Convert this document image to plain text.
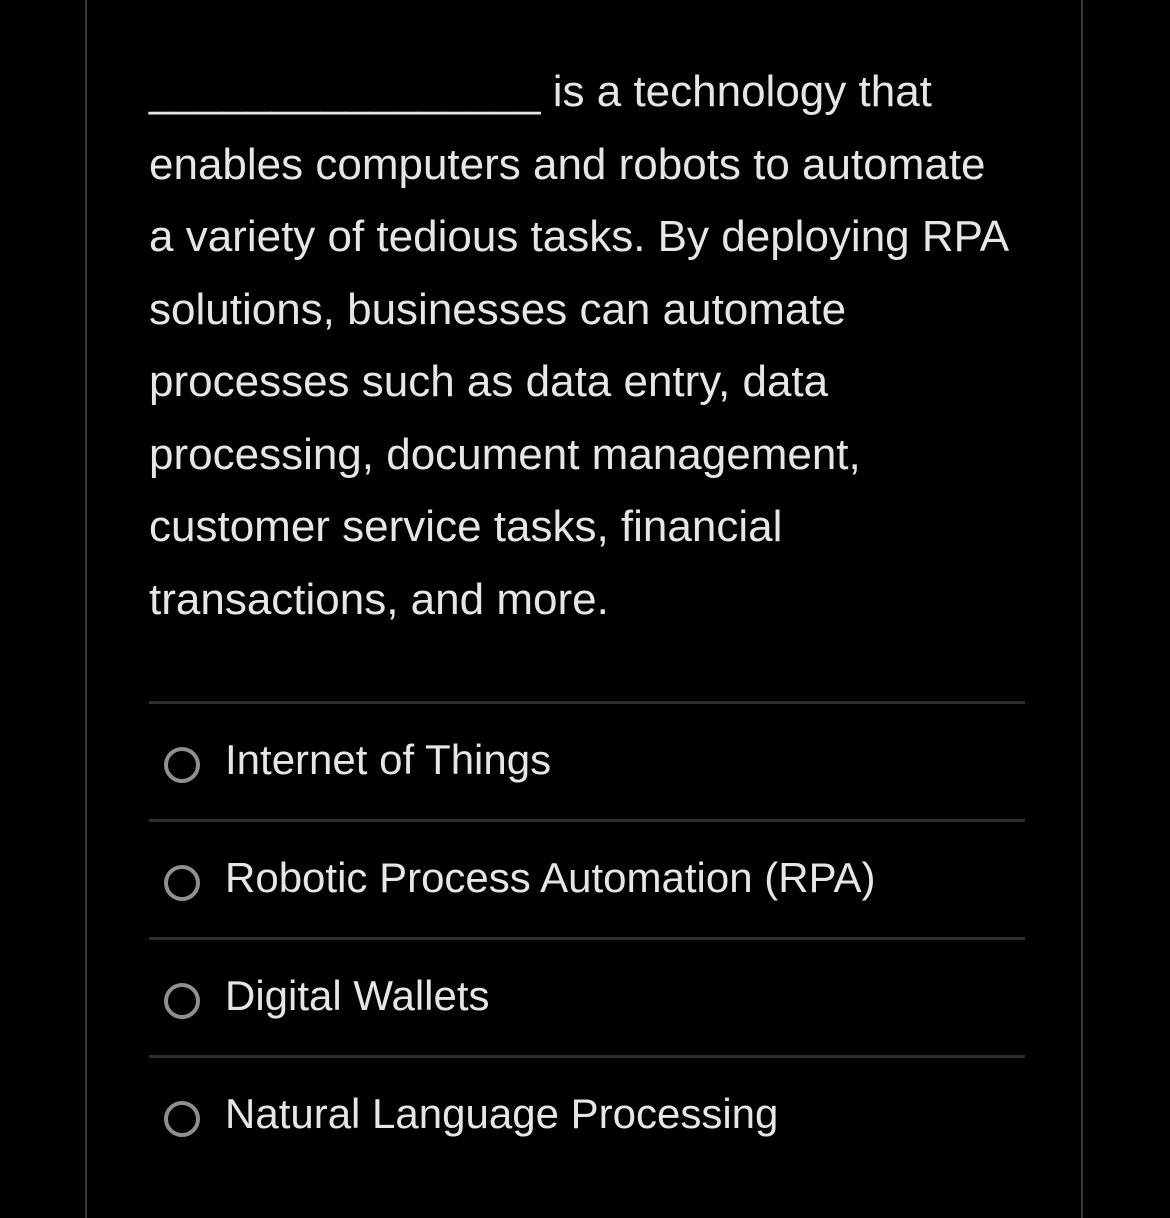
________________ is a technology that enables computers and robots to automate a variety of tedious tasks. By deploying RPA solutions, businesses can automate processes such as data entry, data processing, document management, customer service tasks, financial transactions, and more.

Internet of Things
Robotic Process Automation (RPA)
Digital Wallets
Natural Language Processing
